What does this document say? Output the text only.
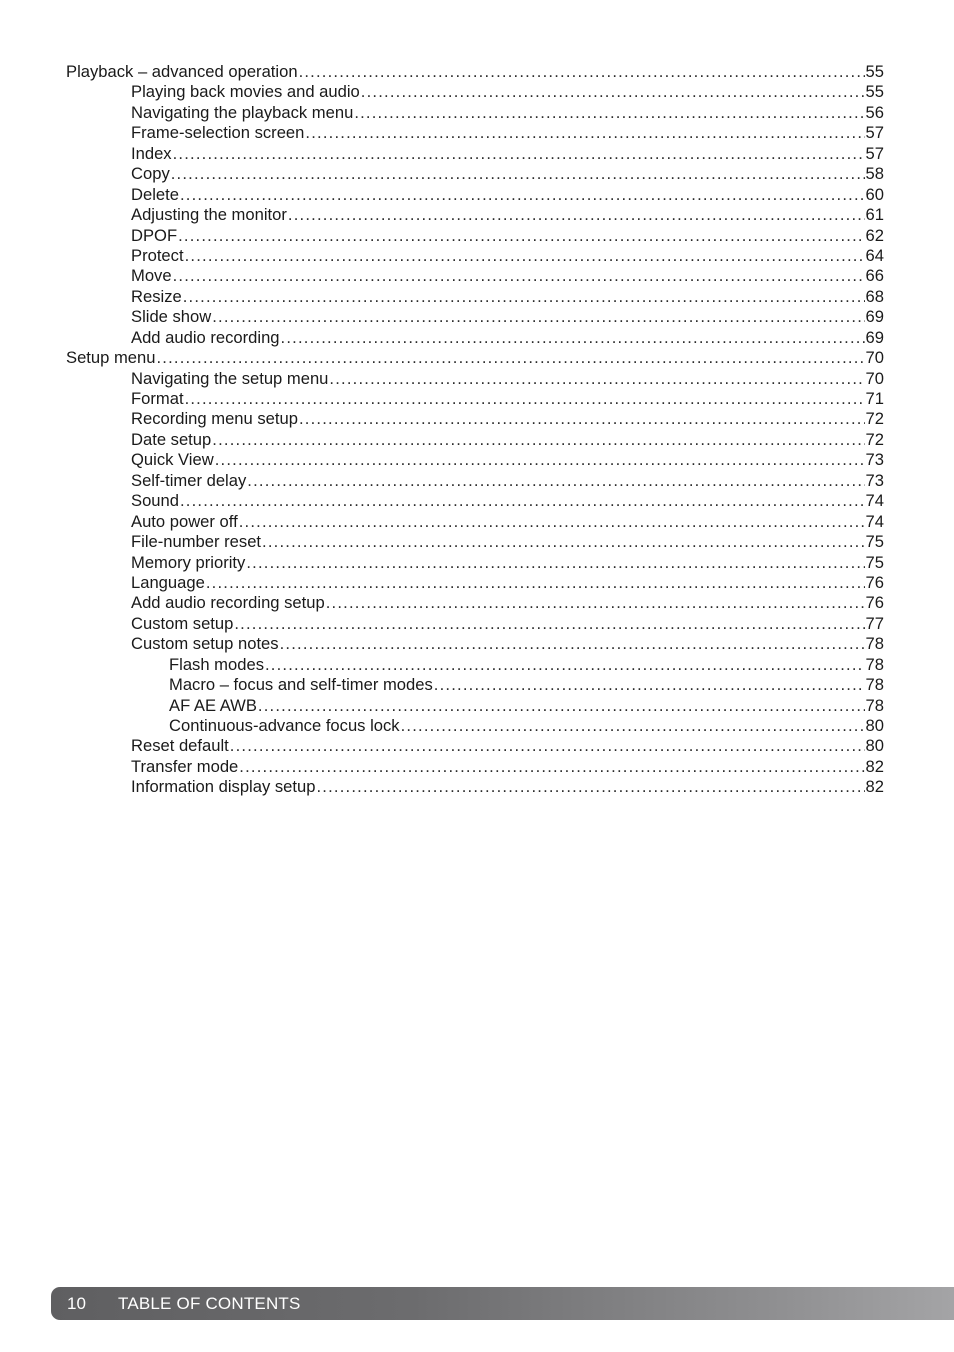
Playback – advanced operation .....	55
Playing back movies and audio .....	55
Navigating the playback menu .....	56
Frame-selection screen .....	57
Index .....	57
Copy .....	58
Delete .....	60
Adjusting the monitor .....	61
DPOF .....	62
Protect .....	64
Move .....	66
Resize .....	68
Slide show .....	69
Add audio recording .....	69
Setup menu .....	70
Navigating the setup menu .....	70
Format .....	71
Recording menu setup .....	72
Date setup .....	72
Quick View .....	73
Self-timer delay .....	73
Sound .....	74
Auto power off .....	74
File-number reset .....	75
Memory priority .....	75
Language .....	76
Add audio recording setup .....	76
Custom setup .....	77
Custom setup notes .....	78
Flash modes .....	78
Macro – focus and self-timer modes .....	78
AF AE AWB .....	78
Continuous-advance focus lock .....	80
Reset default .....	80
Transfer mode .....	82
Information display setup .....	82
10 TABLE OF CONTENTS
